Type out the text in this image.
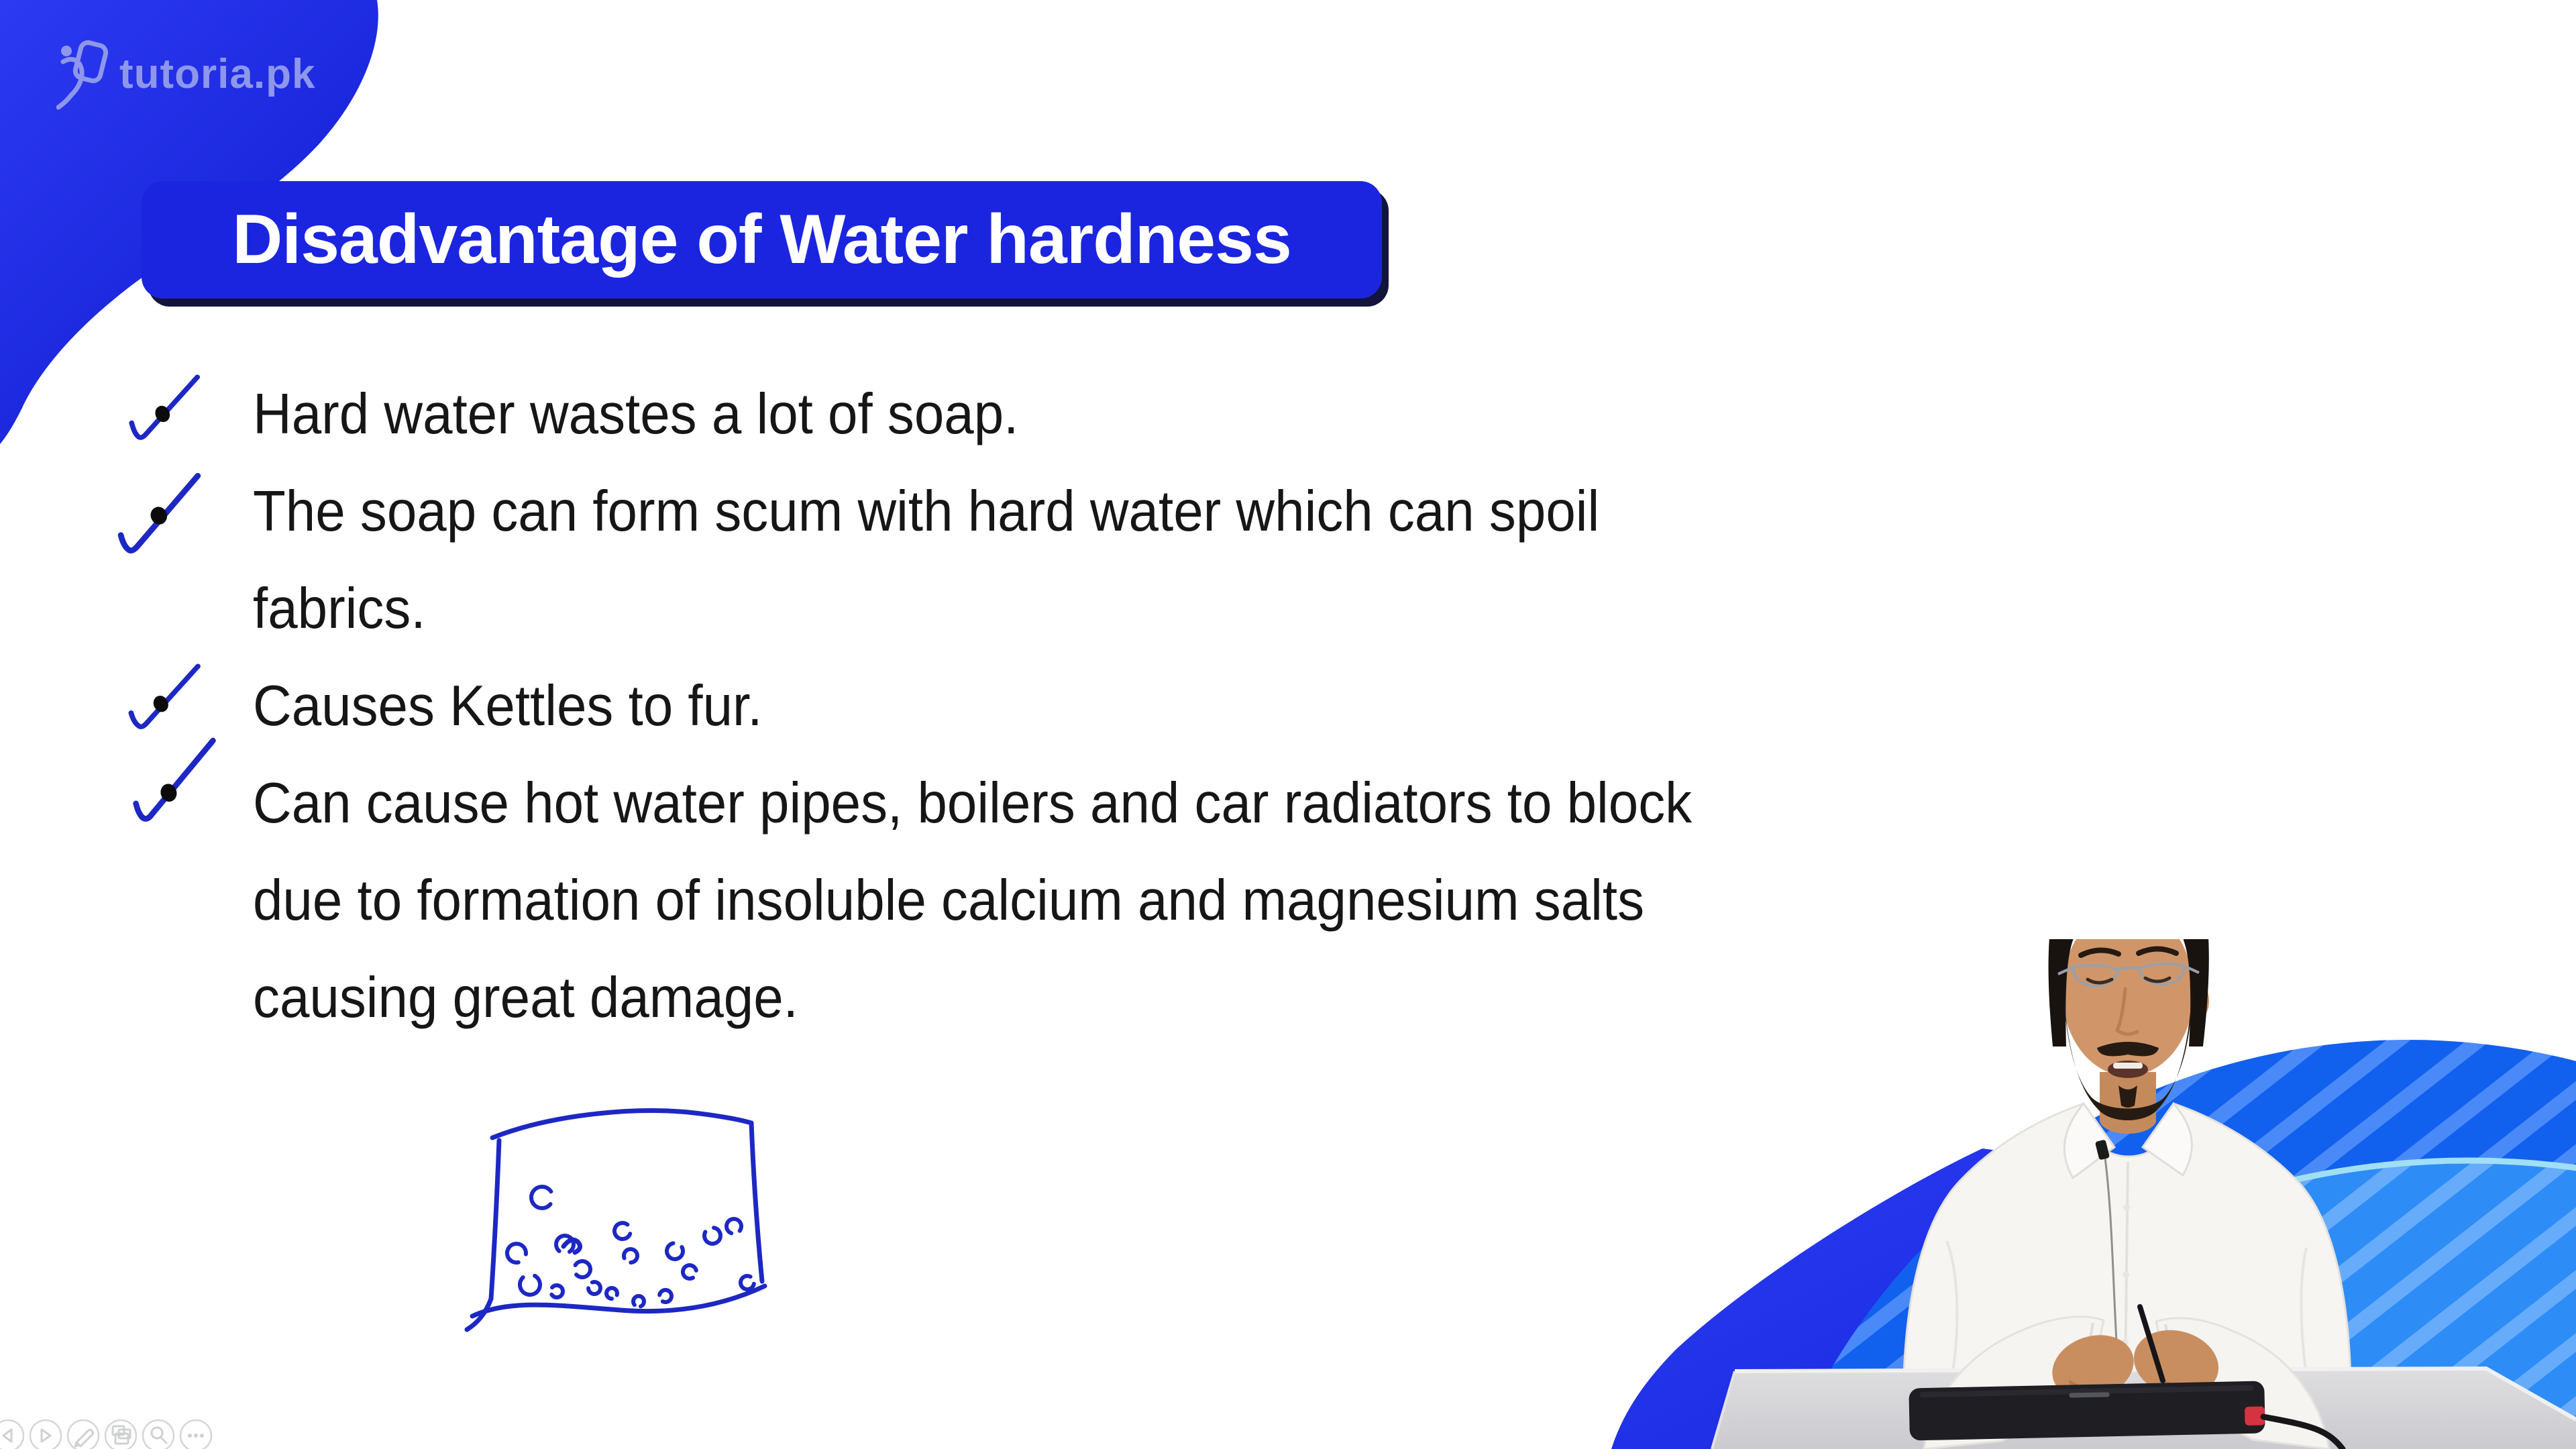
tutoria.pk
Disadvantage of Water hardness
Hard water wastes a lot of soap.
The soap can form scum with hard water which can spoil
fabrics.
Causes Kettles to fur.
Can cause hot water pipes, boilers and car radiators to block
due to formation of insoluble calcium and magnesium salts
causing great damage.
